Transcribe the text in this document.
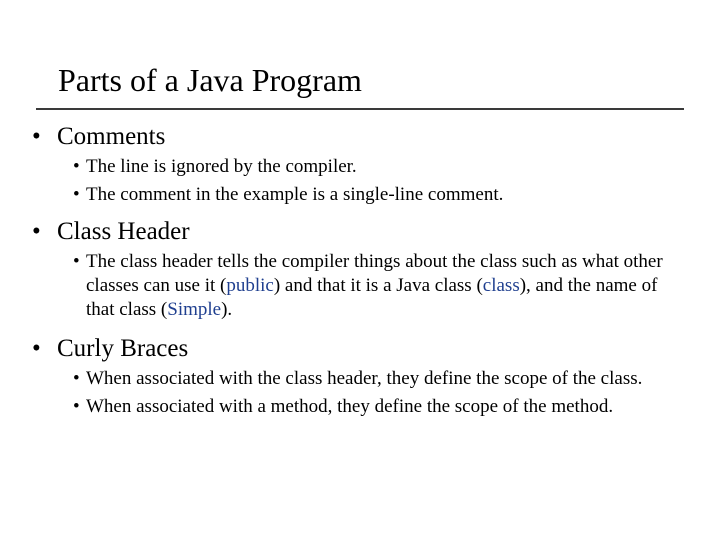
Parts of a Java Program
• Comments
• The line is ignored by the compiler.
• The comment in the example is a single-line comment.
• Class Header
• The class header tells the compiler things about the class such as what other classes can use it (public) and that it is a Java class (class), and the name of that class (Simple).
• Curly Braces
• When associated with the class header, they define the scope of the class.
• When associated with a method, they define the scope of the method.
